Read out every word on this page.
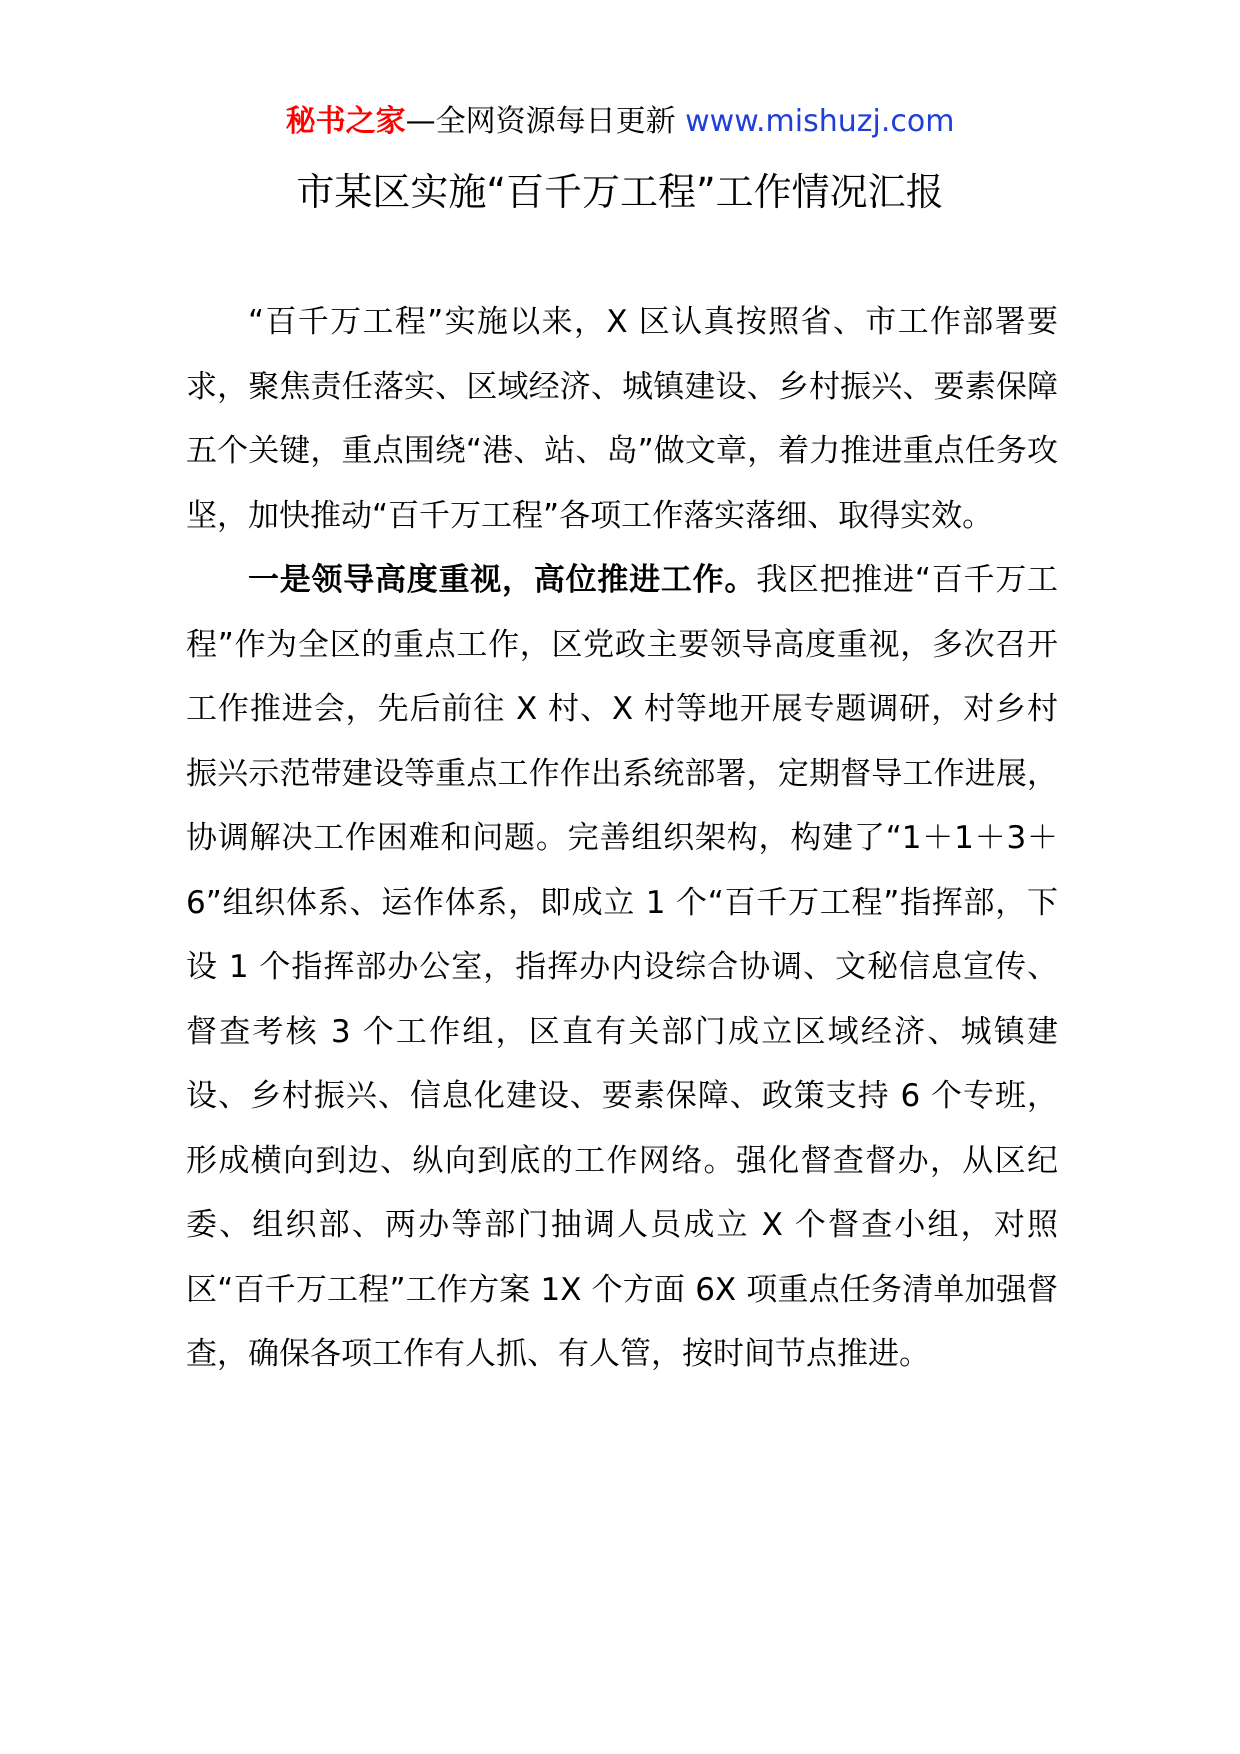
秘书之家—全网资源每日更新 www.mishuzj.com
市某区实施“百千万工程”工作情况汇报

“百千万工程”实施以来，X 区认真按照省、市工作部署要求，聚焦责任落实、区域经济、城镇建设、乡村振兴、要素保障五个关键，重点围绕“港、站、岛”做文章，着力推进重点任务攻坚，加快推动“百千万工程”各项工作落实落细、取得实效。

一是领导高度重视，高位推进工作。我区把推进“百千万工程”作为全区的重点工作，区党政主要领导高度重视，多次召开工作推进会，先后前往 X 村、X 村等地开展专题调研，对乡村振兴示范带建设等重点工作作出系统部署，定期督导工作进展，协调解决工作困难和问题。完善组织架构，构建了“1＋1＋3＋6”组织体系、运作体系，即成立 1 个“百千万工程”指挥部，下设 1 个指挥部办公室，指挥办内设综合协调、文秘信息宣传、督查考核 3 个工作组，区直有关部门成立区域经济、城镇建设、乡村振兴、信息化建设、要素保障、政策支持 6 个专班，形成横向到边、纵向到底的工作网络。强化督查督办，从区纪委、组织部、两办等部门抽调人员成立 X 个督查小组，对照区“百千万工程”工作方案 1X 个方面 6X 项重点任务清单加强督查，确保各项工作有人抓、有人管，按时间节点推进。
